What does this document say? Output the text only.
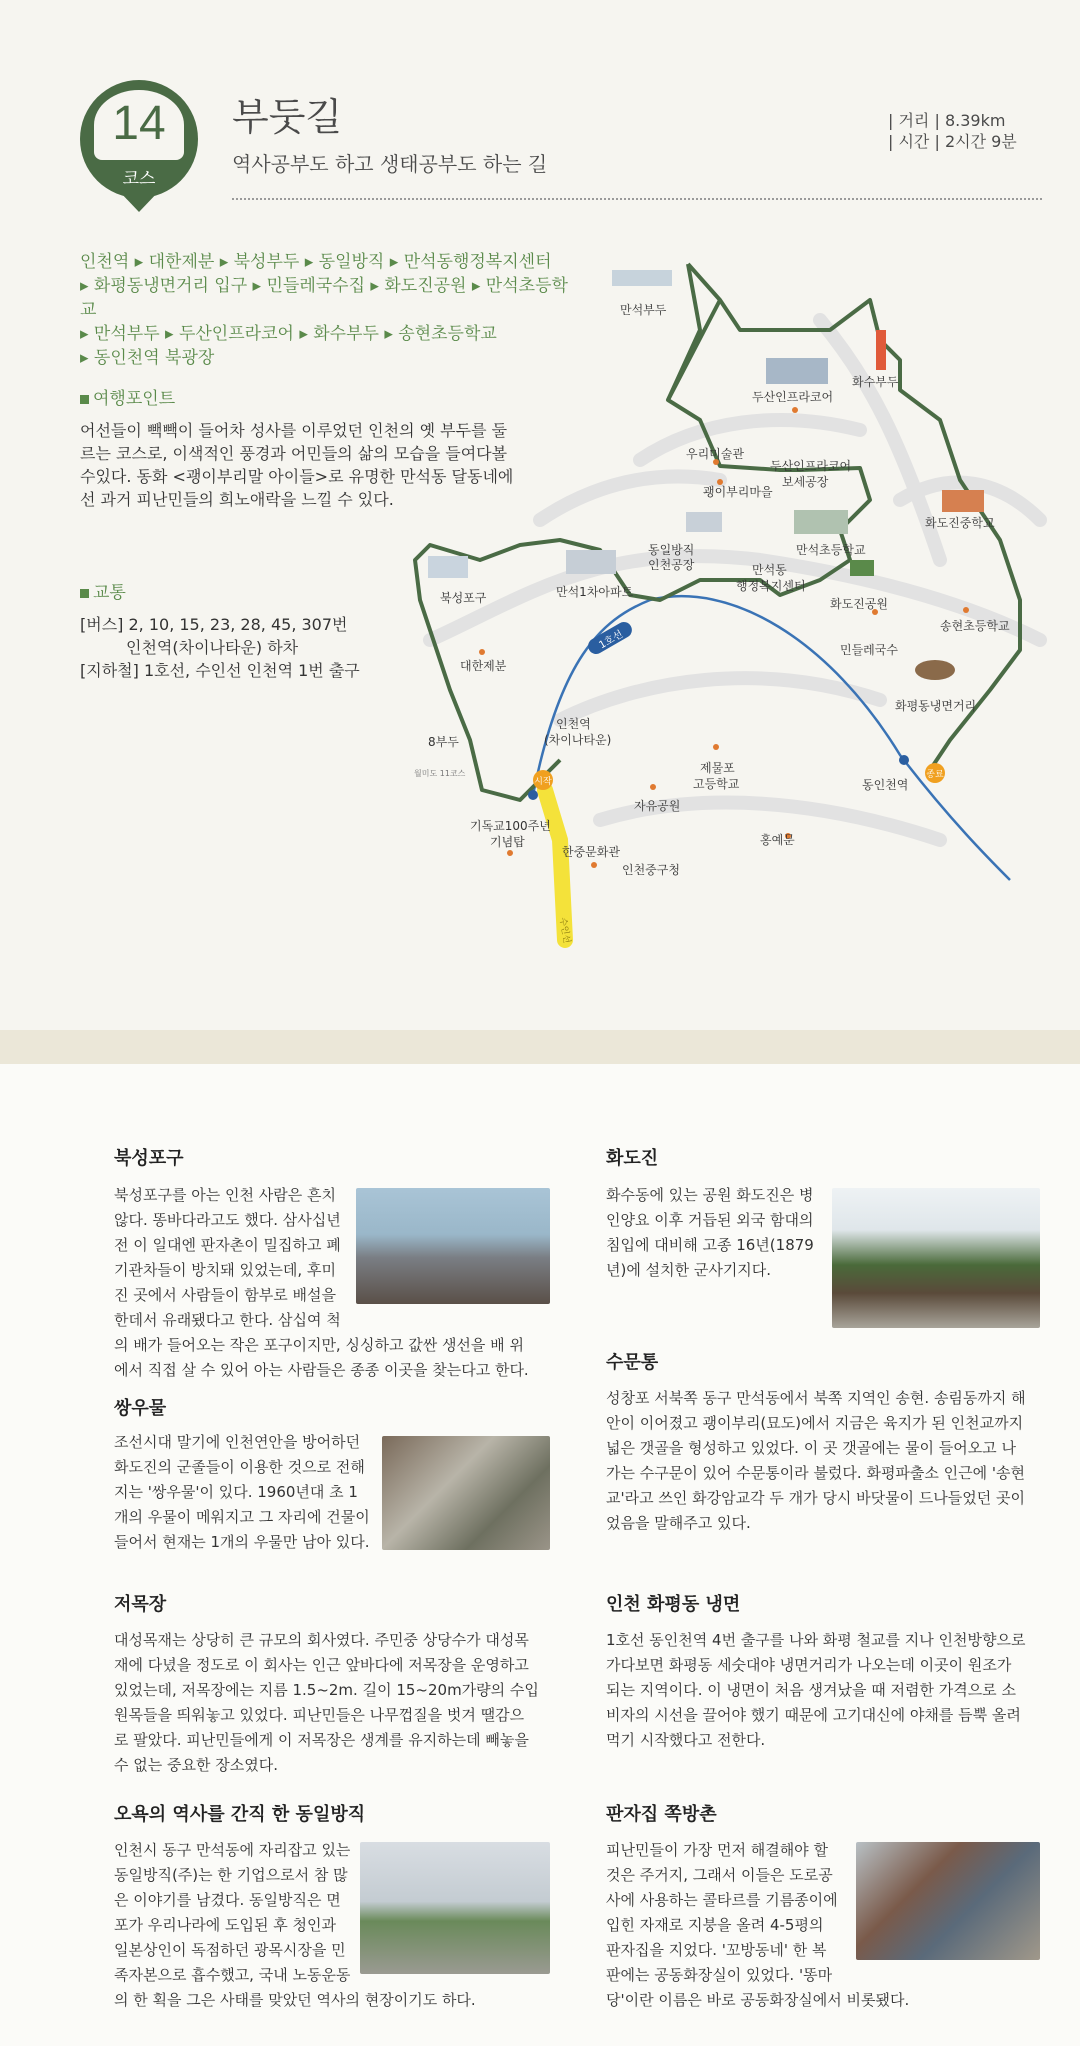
14
코스
부둣길
역사공부도 하고 생태공부도 하는 길
| 거리 | 8.39km
| 시간 | 2시간 9분
인천역 ▸ 대한제분 ▸ 북성부두 ▸ 동일방직 ▸ 만석동행정복지센터
▸ 화평동냉면거리 입구 ▸ 민들레국수집 ▸ 화도진공원 ▸ 만석초등학교
▸ 만석부두 ▸ 두산인프라코어 ▸ 화수부두 ▸ 송현초등학교
▸ 동인천역 북광장
여행포인트
어선들이 빽빽이 들어차 성사를 이루었던 인천의 옛 부두를 둘
르는 코스로, 이색적인 풍경과 어민들의 삶의 모습을 들여다볼
수있다. 동화 <괭이부리말 아이들>로 유명한 만석동 달동네에
선 과거 피난민들의 희노애락을 느낄 수 있다.
교통
[버스] 2, 10, 15, 23, 28, 45, 307번
인천역(차이나타운) 하차
[지하철] 1호선, 수인선 인천역 1번 출구
1호선
시작
종료
만석부두
두산인프라코어
화수부두
우리미술관
두산인프라코어
보세공장
괭이부리마을
화도진중학교
동일방직
인천공장
만석초등학교
만석동
행정복지센터
북성포구	만석1차아파트
화도진공원
송현초등학교
민들레국수
대한제분
화평동냉면거리
인천역
(차이나타운)
8부두
제물포
고등학교	동인천역
월미도 11코스
자유공원
기독교100주년
기념탑
한중문화관
홍예문
인천중구청
수인선
북성포구
북성포구를 아는 인천 사람은 흔치
않다. 똥바다라고도 했다. 삼사십년
전 이 일대엔 판자촌이 밀집하고 폐
기관차들이 방치돼 있었는데, 후미
진 곳에서 사람들이 함부로 배설을
한데서 유래됐다고 한다. 삼십여 척
의 배가 들어오는 작은 포구이지만, 싱싱하고 값싼 생선을 배 위
에서 직접 살 수 있어 아는 사람들은 종종 이곳을 찾는다고 한다.
쌍우물
조선시대 말기에 인천연안을 방어하던
화도진의 군졸들이 이용한 것으로 전해
지는 '쌍우물'이 있다. 1960년대 초 1
개의 우물이 메워지고 그 자리에 건물이
들어서 현재는 1개의 우물만 남아 있다.
저목장
대성목재는 상당히 큰 규모의 회사였다. 주민중 상당수가 대성목
재에 다녔을 정도로 이 회사는 인근 앞바다에 저목장을 운영하고
있었는데, 저목장에는 지름 1.5~2m. 길이 15~20m가량의 수입
원목들을 띄워놓고 있었다. 피난민들은 나무껍질을 벗겨 땔감으
로 팔았다. 피난민들에게 이 저목장은 생계를 유지하는데 빼놓을
수 없는 중요한 장소였다.
오욕의 역사를 간직 한 동일방직
인천시 동구 만석동에 자리잡고 있는
동일방직(주)는 한 기업으로서 참 많
은 이야기를 남겼다. 동일방직은 면
포가 우리나라에 도입된 후 청인과
일본상인이 독점하던 광목시장을 민
족자본으로 흡수했고, 국내 노동운동
의 한 획을 그은 사태를 맞았던 역사의 현장이기도 하다.
화도진
화수동에 있는 공원 화도진은 병
인양요 이후 거듭된 외국 함대의
침입에 대비해 고종 16년(1879
년)에 설치한 군사기지다.
수문통
성창포 서북쪽 동구 만석동에서 북쪽 지역인 송현. 송림동까지 해
안이 이어졌고 괭이부리(묘도)에서 지금은 육지가 된 인천교까지
넓은 갯골을 형성하고 있었다. 이 곳 갯골에는 물이 들어오고 나
가는 수구문이 있어 수문통이라 불렀다. 화평파출소 인근에 '송현
교'라고 쓰인 화강암교각 두 개가 당시 바닷물이 드나들었던 곳이
었음을 말해주고 있다.
인천 화평동 냉면
1호선 동인천역 4번 출구를 나와 화평 철교를 지나 인천방향으로
가다보면 화평동 세숫대야 냉면거리가 나오는데 이곳이 원조가
되는 지역이다. 이 냉면이 처음 생겨났을 때 저렴한 가격으로 소
비자의 시선을 끌어야 했기 때문에 고기대신에 야채를 듬뿍 올려
먹기 시작했다고 전한다.
판자집 쪽방촌
피난민들이 가장 먼저 해결해야 할
것은 주거지, 그래서 이들은 도로공
사에 사용하는 콜타르를 기름종이에
입힌 자재로 지붕을 올려 4-5평의
판자집을 지었다. '꼬방동네' 한 복
판에는 공동화장실이 있었다. '똥마
당'이란 이름은 바로 공동화장실에서 비롯됐다.
